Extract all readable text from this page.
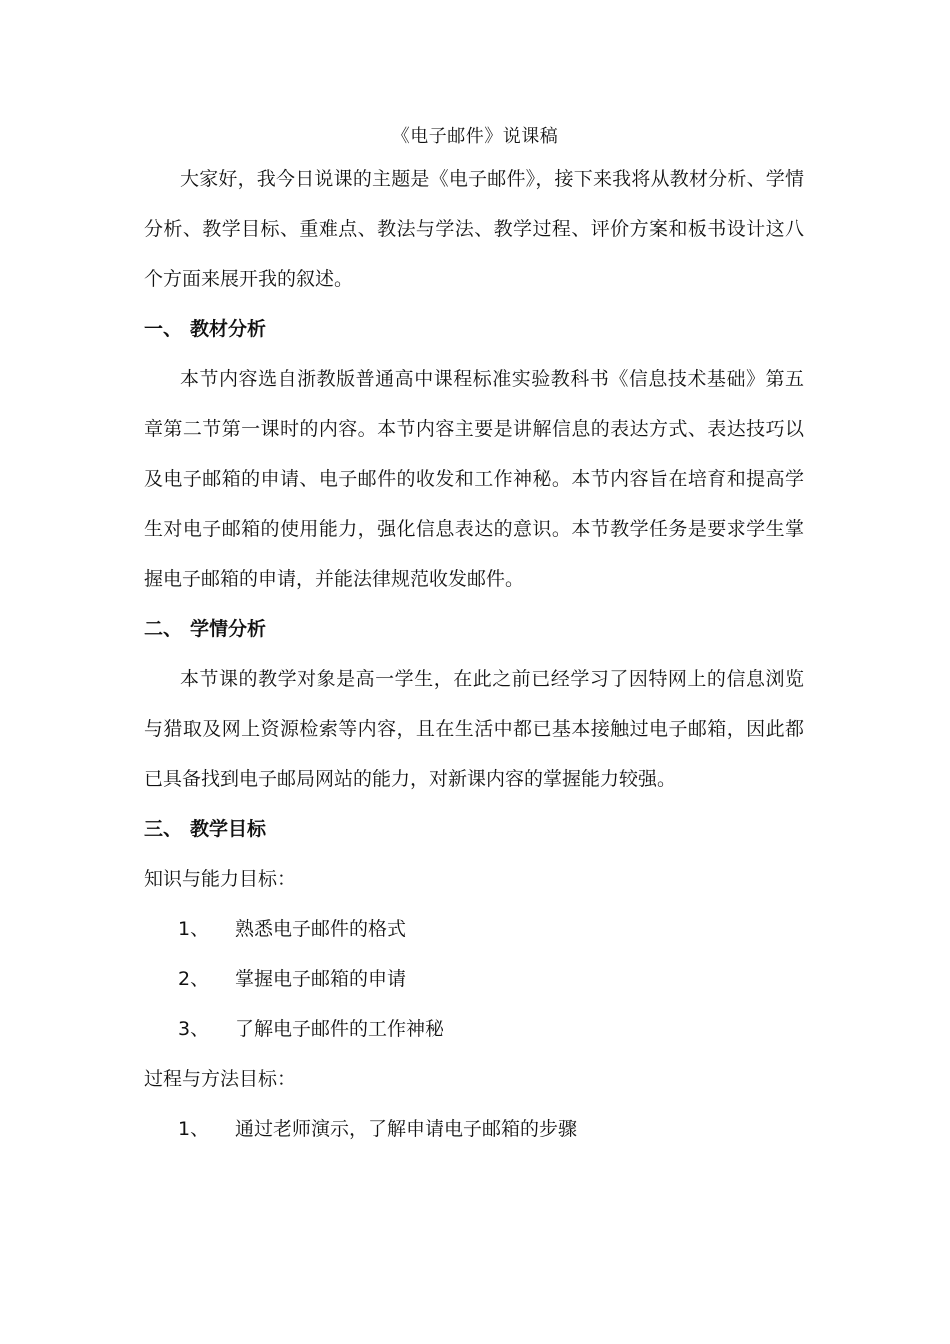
《电子邮件》说课稿

大家好，我今日说课的主题是《电子邮件》，接下来我将从教材分析、学情分析、教学目标、重难点、教法与学法、教学过程、评价方案和板书设计这八个方面来展开我的叙述。

一、 教材分析

本节内容选自浙教版普通高中课程标准实验教科书《信息技术基础》第五章第二节第一课时的内容。本节内容主要是讲解信息的表达方式、表达技巧以及电子邮箱的申请、电子邮件的收发和工作神秘。本节内容旨在培育和提高学生对电子邮箱的使用能力，强化信息表达的意识。本节教学任务是要求学生掌握电子邮箱的申请，并能法律规范收发邮件。

二、 学情分析

本节课的教学对象是高一学生，在此之前已经学习了因特网上的信息浏览与猎取及网上资源检索等内容，且在生活中都已基本接触过电子邮箱，因此都已具备找到电子邮局网站的能力，对新课内容的掌握能力较强。

三、 教学目标
知识与能力目标：
1、 熟悉电子邮件的格式
2、 掌握电子邮箱的申请
3、 了解电子邮件的工作神秘
过程与方法目标：
1、 通过老师演示，了解申请电子邮箱的步骤
